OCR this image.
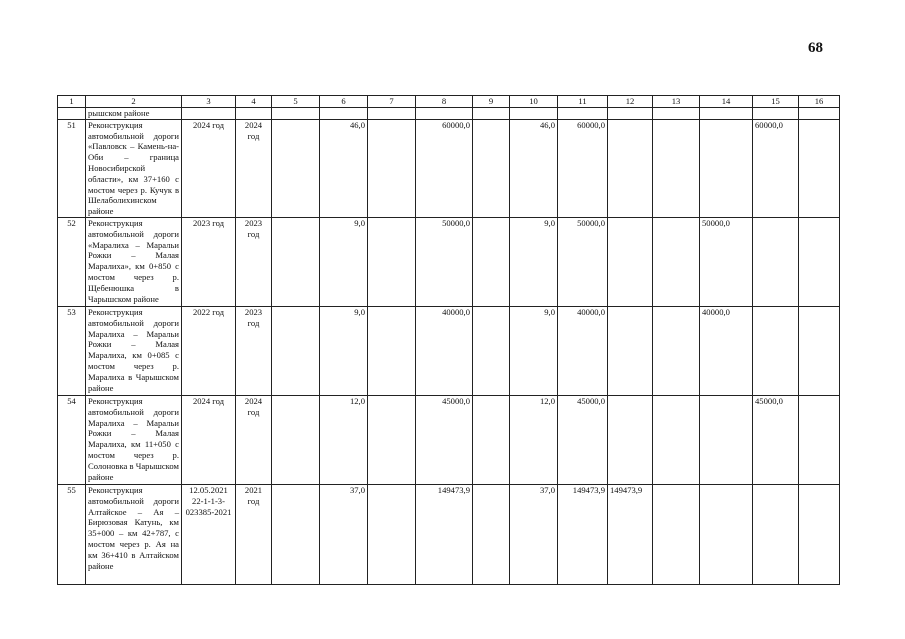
68
1	2	3	4	5	6	7	8	9	10	11	12	13	14	15	16
	рышском районе														
51	Реконструкция автомобильной дороги «Павловск – Камень-на-Оби – граница Новосибирской области», км 37+160 с мостом через р. Кучук в Шелаболихинском районе	2024 год	2024 год		46,0		60000,0		46,0	60000,0				60000,0	
52	Реконструкция автомобильной дороги «Маралиха – Маральи Рожки – Малая Маралиха», км 0+850 с мостом через р. Щебенюшка в Чарышском районе	2023 год	2023 год		9,0		50000,0		9,0	50000,0			50000,0		
53	Реконструкция автомобильной дороги Маралиха – Маральи Рожки – Малая Маралиха, км 0+085 с мостом через р. Маралиха в Чарышском районе	2022 год	2023 год		9,0		40000,0		9,0	40000,0			40000,0		
54	Реконструкция автомобильной дороги Маралиха – Маральи Рожки – Малая Маралиха, км 11+050 с мостом через р. Солоновка в Чарышском районе	2024 год	2024 год		12,0		45000,0		12,0	45000,0				45000,0	
55	Реконструкция автомобильной дороги Алтайское – Ая – Бирюзовая Катунь, км 35+000 – км 42+787, с мостом через р. Ая на км 36+410 в Алтайском районе	12.05.2021 22-1-1-3-023385-2021	2021 год		37,0		149473,9		37,0	149473,9	149473,9				
